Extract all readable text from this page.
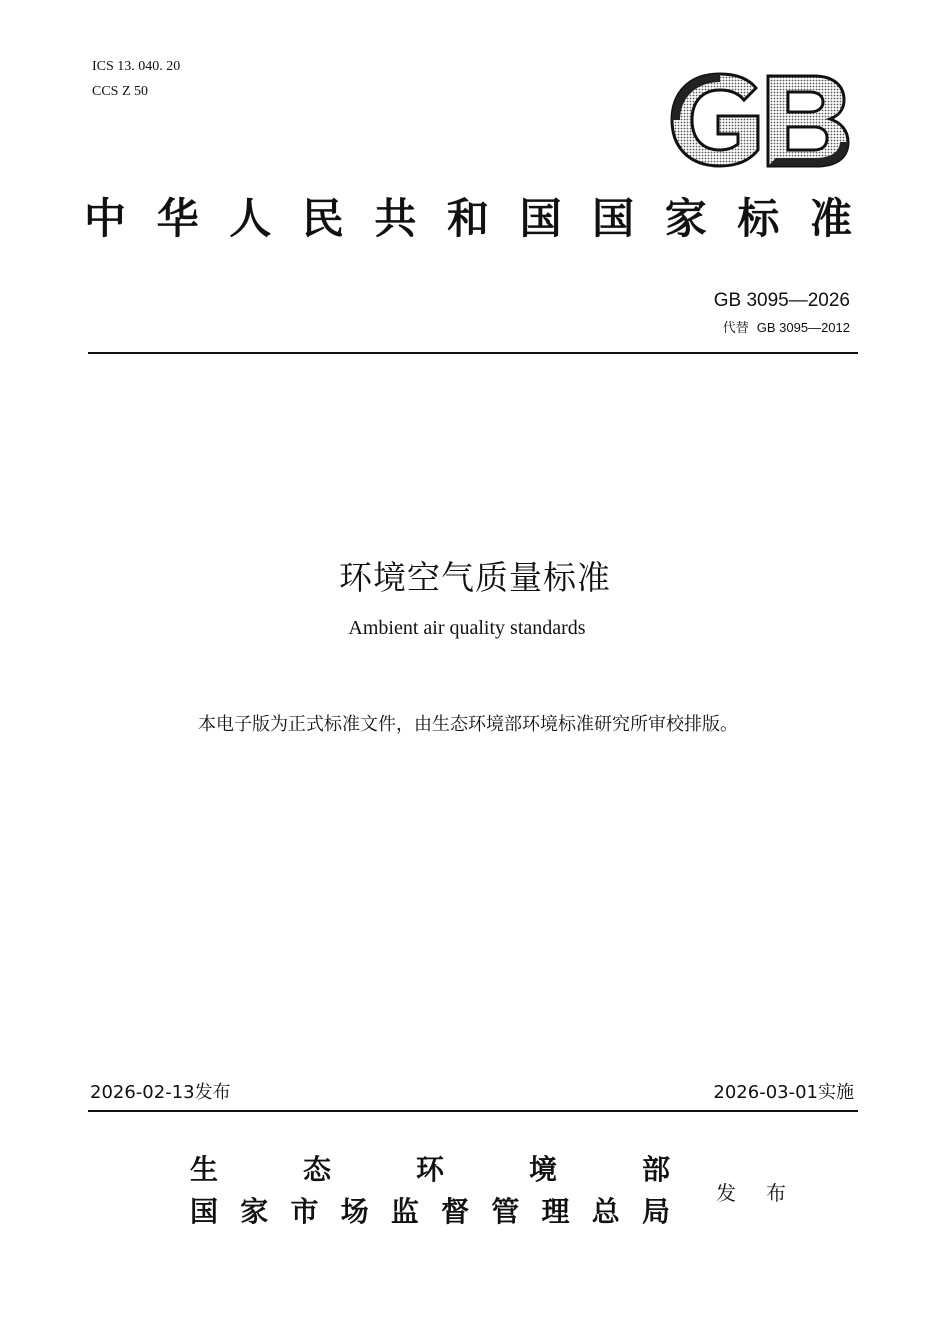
ICS 13. 040. 20
CCS Z 50
中 华 人 民 共 和 国 国 家 标 准
GB 3095—2026
代替 GB 3095—2012
环境空气质量标准
Ambient air quality standards
本电子版为正式标准文件，由生态环境部环境标准研究所审校排版。
2026-02-13发布	2026-03-01实施
生	态	环	境	部
国 家 市 场 监 督 管 理 总 局
发 布
